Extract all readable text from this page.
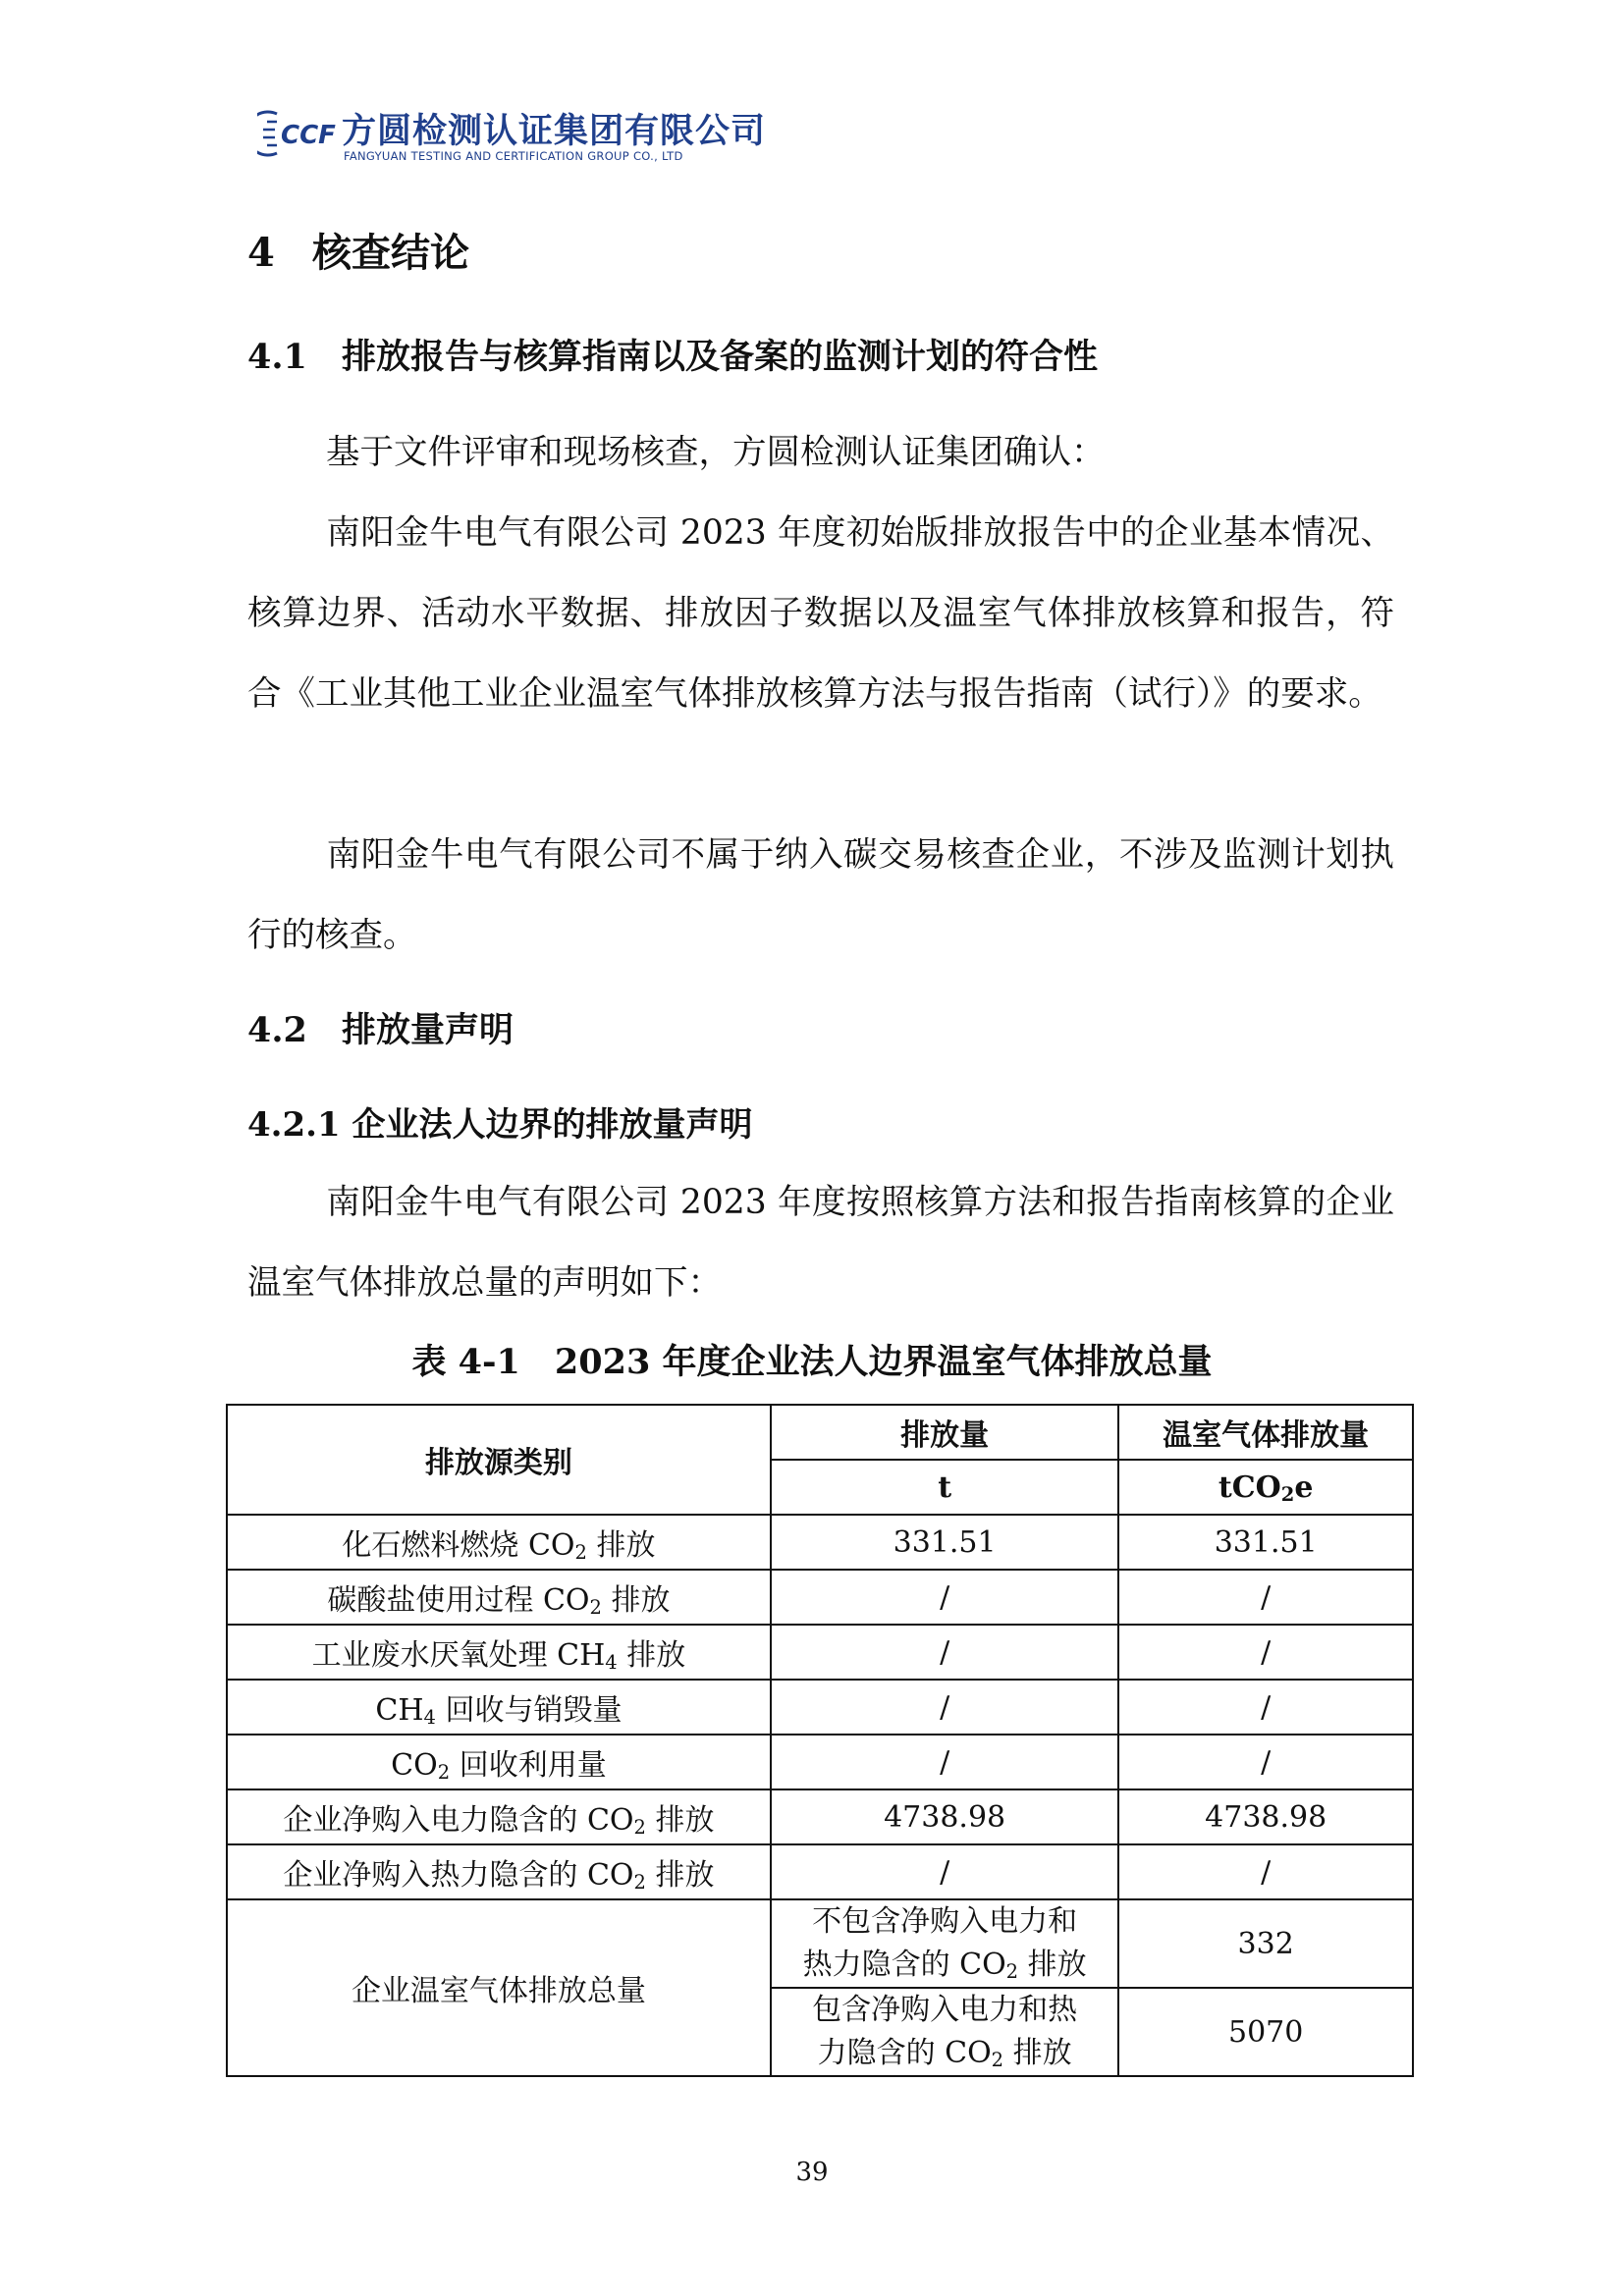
CCF 方圆检测认证集团有限公司
FANGYUAN TESTING AND CERTIFICATION GROUP CO., LTD
4 核查结论
4.1 排放报告与核算指南以及备案的监测计划的符合性
基于文件评审和现场核查，方圆检测认证集团确认：
南阳金牛电气有限公司 2023 年度初始版排放报告中的企业基本情况、核算边界、活动水平数据、排放因子数据以及温室气体排放核算和报告，符合《工业其他工业企业温室气体排放核算方法与报告指南（试行）》的要求。
南阳金牛电气有限公司不属于纳入碳交易核查企业，不涉及监测计划执行的核查。
4.2 排放量声明
4.2.1 企业法人边界的排放量声明
南阳金牛电气有限公司 2023 年度按照核算方法和报告指南核算的企业温室气体排放总量的声明如下：
表 4-1　2023 年度企业法人边界温室气体排放总量
排放源类别	排放量	温室气体排放量
	t	tCO$_2$e
化石燃料燃烧 $CO_2$ 排放	331.51	331.51
碳酸盐使用过程 $CO_2$ 排放	/	/
工业废水厌氧处理 $CH_4$ 排放	/	/
$CH_4$ 回收与销毁量	/	/
$CO_2$ 回收利用量	/	/
企业净购入电力隐含的 $CO_2$ 排放	4738.98	4738.98
企业净购入热力隐含的 $CO_2$ 排放	/	/
企业温室气体排放总量	不包含净购入电力和
热力隐含的 $CO_2$ 排放	332
	包含净购入电力和热
力隐含的 $CO_2$ 排放	5070
39
